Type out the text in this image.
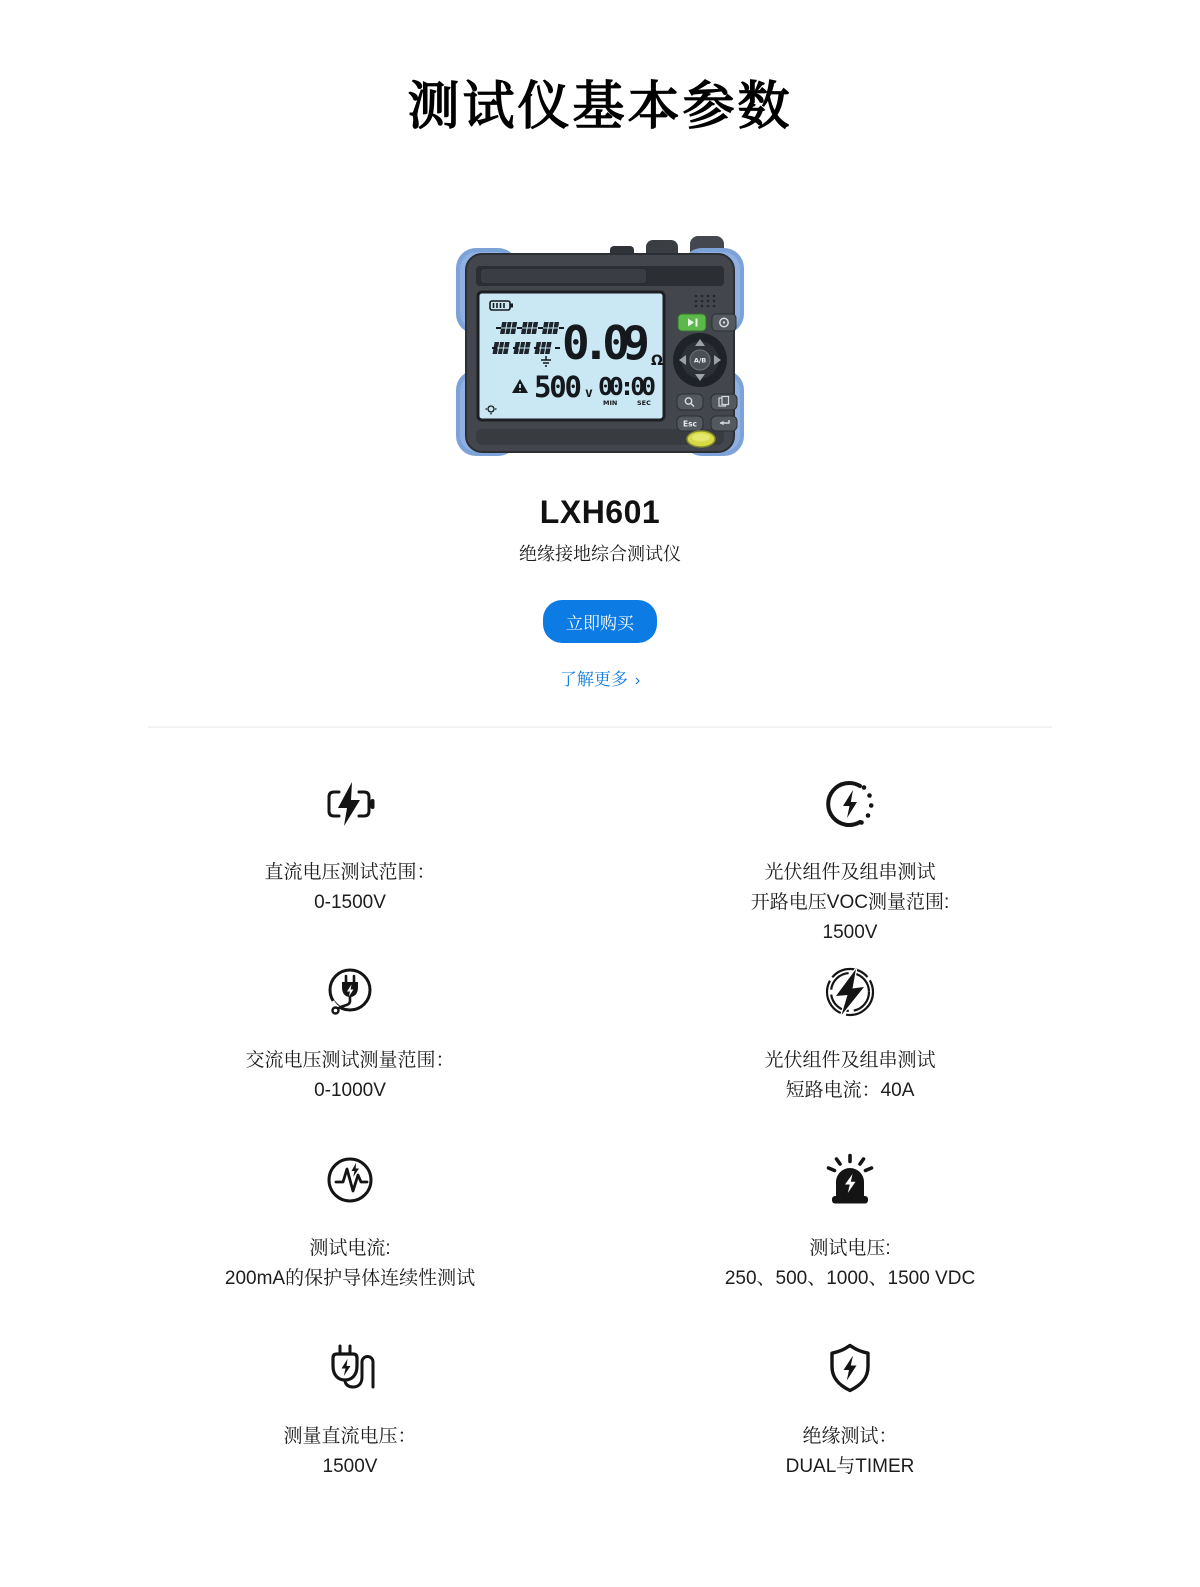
测试仪基本参数
0.09 Ω
500 v 00:00
MIN	SEC
A/B
Esc
LXH601

绝缘接地综合测试仪

立即购买

了解更多 ›

直流电压测试范围：

0-1500V

光伏组件及组串测试

开路电压VOC测量范围:

1500V

交流电压测试测量范围：

0-1000V

光伏组件及组串测试

短路电流：40A

测试电流:

200mA的保护导体连续性测试

测试电压:

250、500、1000、1500 VDC

测量直流电压：

1500V

绝缘测试：

DUAL与TIMER
